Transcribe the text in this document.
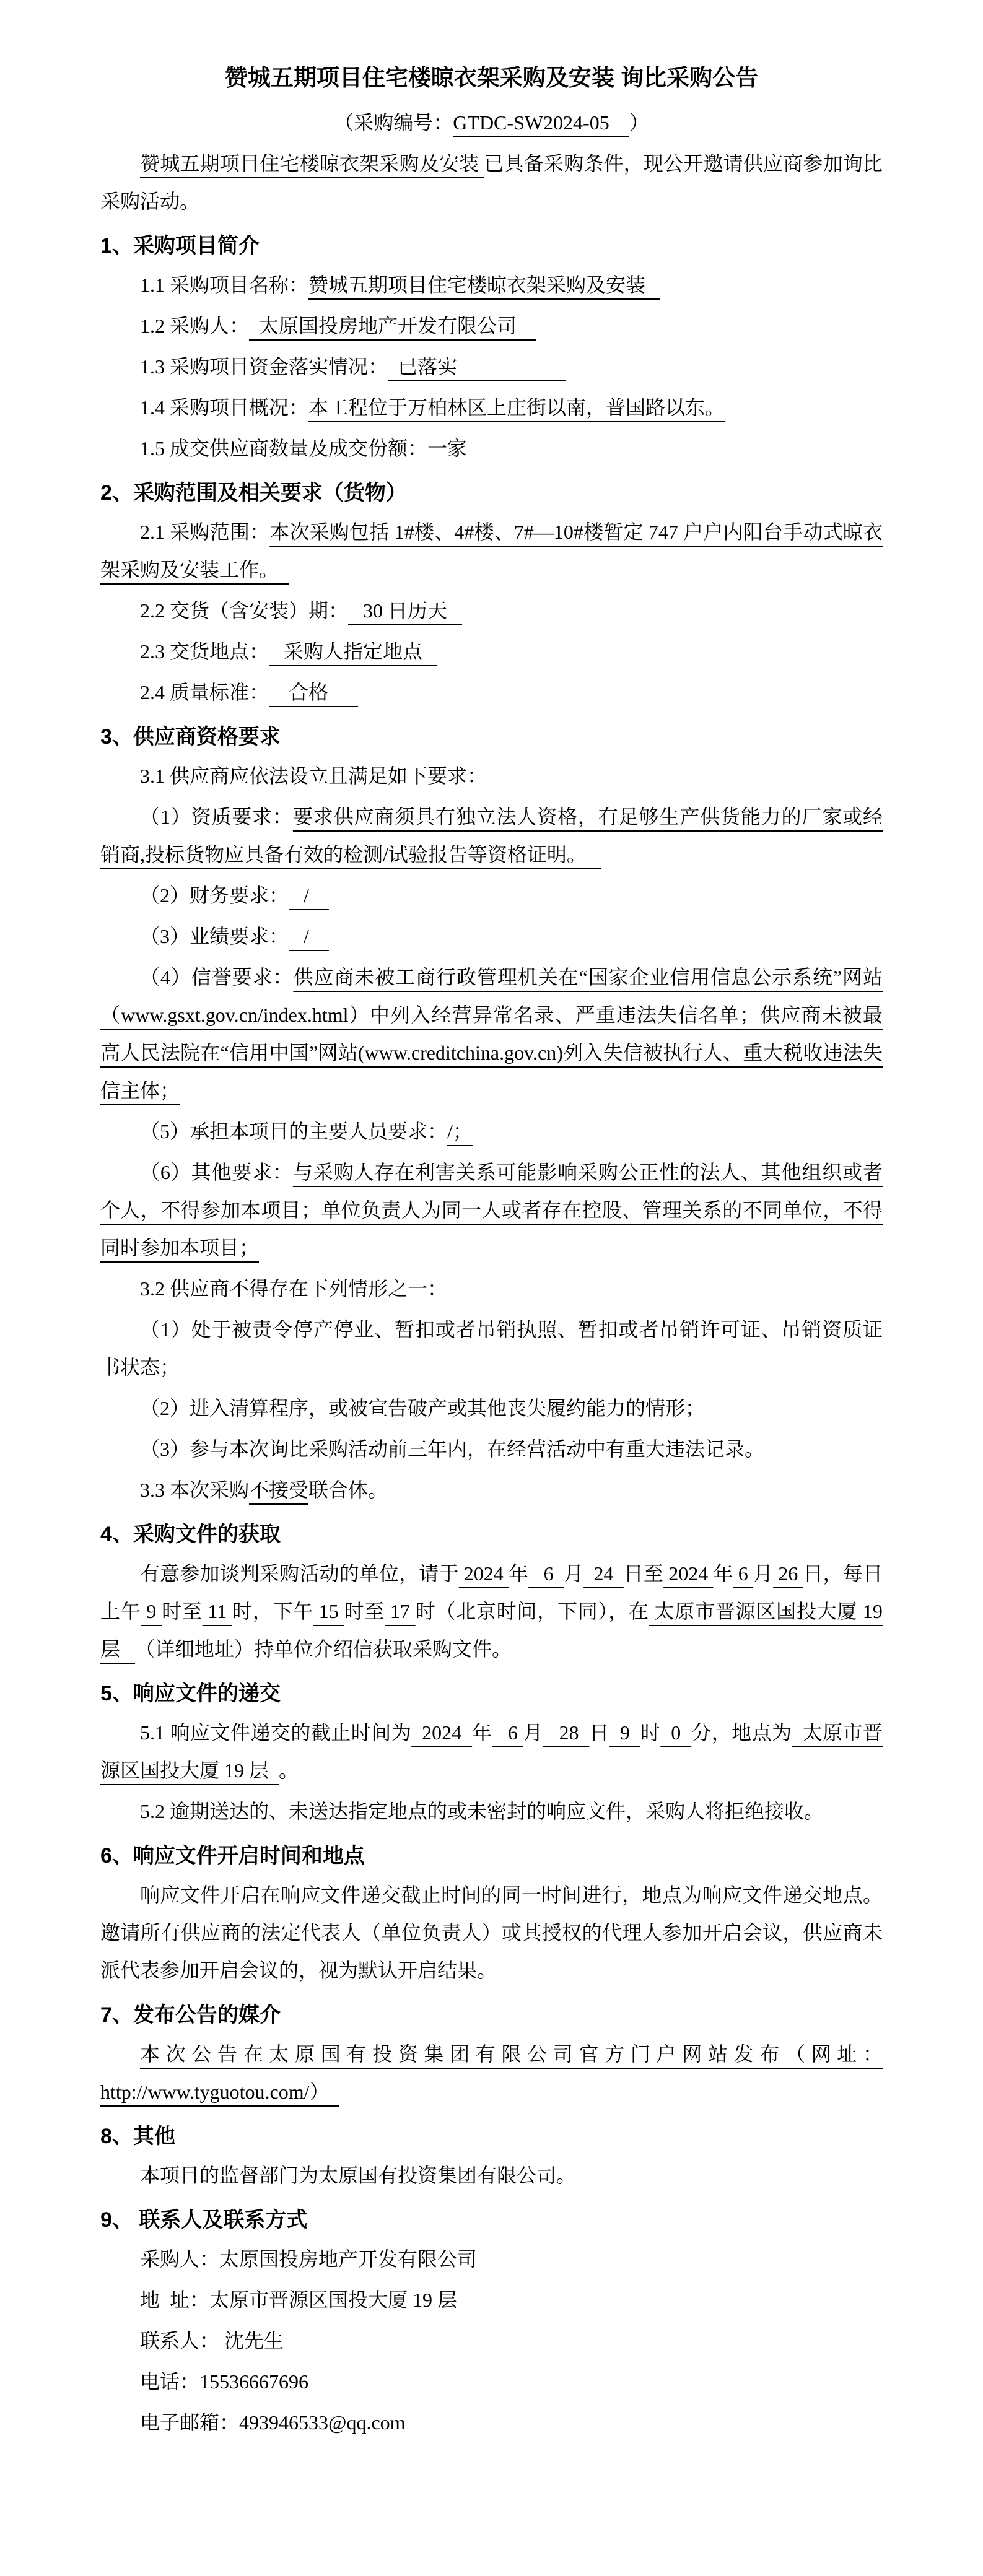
赞城五期项目住宅楼晾衣架采购及安装 询比采购公告

（采购编号：GTDC-SW2024-05    ）

赞城五期项目住宅楼晾衣架采购及安装 已具备采购条件，现公开邀请供应商参加询比采购活动。

1、采购项目简介

1.1 采购项目名称：赞城五期项目住宅楼晾衣架采购及安装

1.2 采购人：  太原国投房地产开发有限公司

1.3 采购项目资金落实情况：  已落实

1.4 采购项目概况：本工程位于万柏林区上庄街以南，普国路以东。

1.5 成交供应商数量及成交份额：一家

2、采购范围及相关要求（货物）

2.1 采购范围：本次采购包括 1#楼、4#楼、7#—10#楼暂定 747 户户内阳台手动式晾衣架采购及安装工作。

2.2 交货（含安装）期：   30 日历天

2.3 交货地点：   采购人指定地点

2.4 质量标准：    合格

3、供应商资格要求

3.1 供应商应依法设立且满足如下要求：

（1）资质要求：要求供应商须具有独立法人资格，有足够生产供货能力的厂家或经销商,投标货物应具备有效的检测/试验报告等资格证明。

（2）财务要求：   /

（3）业绩要求：   /

（4）信誉要求：供应商未被工商行政管理机关在“国家企业信用信息公示系统”网站（www.gsxt.gov.cn/index.html）中列入经营异常名录、严重违法失信名单；供应商未被最高人民法院在“信用中国”网站(www.creditchina.gov.cn)列入失信被执行人、重大税收违法失信主体；

（5）承担本项目的主要人员要求：/；

（6）其他要求：与采购人存在利害关系可能影响采购公正性的法人、其他组织或者个人，不得参加本项目；单位负责人为同一人或者存在控股、管理关系的不同单位，不得同时参加本项目；

3.2 供应商不得存在下列情形之一：

（1）处于被责令停产停业、暂扣或者吊销执照、暂扣或者吊销许可证、吊销资质证书状态；

（2）进入清算程序，或被宣告破产或其他丧失履约能力的情形；

（3）参与本次询比采购活动前三年内，在经营活动中有重大违法记录。

3.3 本次采购不接受联合体。

4、采购文件的获取

有意参加谈判采购活动的单位，请于 2024 年   6  月  24  日至 2024 年 6 月 26 日，每日上午 9 时至 11 时，下午 15 时至 17 时（北京时间，下同），在 太原市晋源区国投大厦 19 层   （详细地址）持单位介绍信获取采购文件。

5、响应文件的递交

5.1 响应文件递交的截止时间为  2024  年   6 月   28  日  9  时  0  分，地点为  太原市晋源区国投大厦 19 层  。

5.2 逾期送达的、未送达指定地点的或未密封的响应文件，采购人将拒绝接收。

6、响应文件开启时间和地点

响应文件开启在响应文件递交截止时间的同一时间进行，地点为响应文件递交地点。邀请所有供应商的法定代表人（单位负责人）或其授权的代理人参加开启会议，供应商未派代表参加开启会议的，视为默认开启结果。

7、发布公告的媒介

本次公告在太原国有投资集团有限公司官方门户网站发布（网址：http://www.tyguotou.com/）

8、其他

本项目的监督部门为太原国有投资集团有限公司。

9、 联系人及联系方式

采购人：太原国投房地产开发有限公司

地  址：太原市晋源区国投大厦 19 层

联系人： 沈先生

电话：15536667696

电子邮箱：493946533@qq.com
